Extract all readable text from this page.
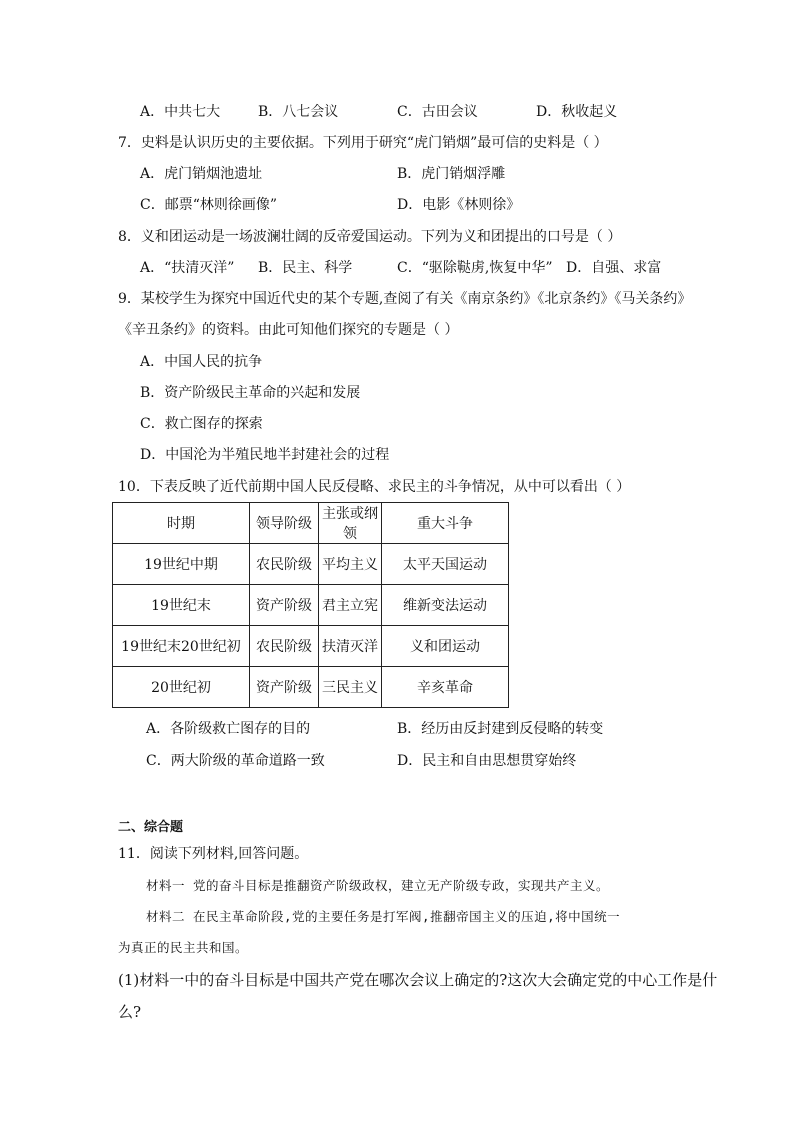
A．中共七大	B．八七会议	C．古田会议	D．秋收起义
7．史料是认识历史的主要依据。下列用于研究“虎门销烟”最可信的史料是（ ）
A．虎门销烟池遗址	B．虎门销烟浮雕
C．邮票“林则徐画像”	D．电影《林则徐》
8．义和团运动是一场波澜壮阔的反帝爱国运动。下列为义和团提出的口号是（ ）
A．“扶清灭洋” B．民主、科学	C．“驱除鞑虏,恢复中华” D．自强、求富
9．某校学生为探究中国近代史的某个专题,查阅了有关《南京条约》《北京条约》《马关条约》
《辛丑条约》的资料。由此可知他们探究的专题是（ ）
A．中国人民的抗争
B．资产阶级民主革命的兴起和发展
C．救亡图存的探索
D．中国沦为半殖民地半封建社会的过程
10．下表反映了近代前期中国人民反侵略、求民主的斗争情况，从中可以看出（ ）
时期	领导阶级	主张或纲领	重大斗争
19世纪中期	农民阶级	平均主义	太平天国运动
19世纪末	资产阶级	君主立宪	维新变法运动
19世纪末20世纪初	农民阶级	扶清灭洋	义和团运动
20世纪初	资产阶级	三民主义	辛亥革命
A．各阶级救亡图存的目的	B．经历由反封建到反侵略的转变
C．两大阶级的革命道路一致	D．民主和自由思想贯穿始终
二、综合题
11．阅读下列材料,回答问题。
材料一 党的奋斗目标是推翻资产阶级政权，建立无产阶级专政，实现共产主义。
材料二 在民主革命阶段,党的主要任务是打军阀,推翻帝国主义的压迫,将中国统一
为真正的民主共和国。
(1)材料一中的奋斗目标是中国共产党在哪次会议上确定的?这次大会确定党的中心工作是什
么?
